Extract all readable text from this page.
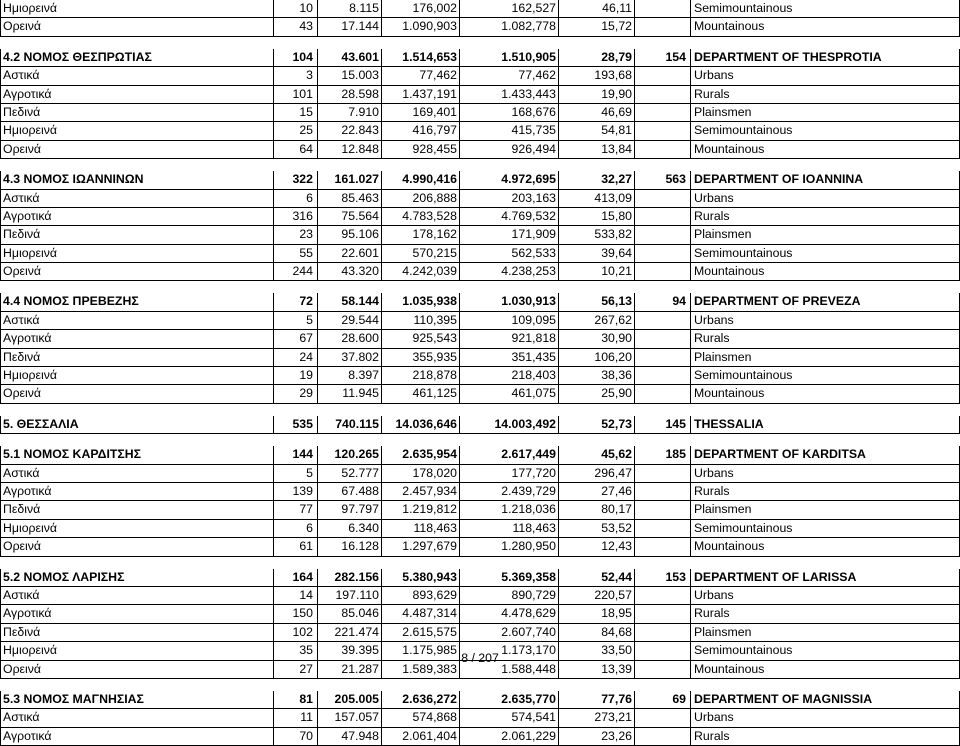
Ημιορεινά	10	8.115	176,002	162,527	46,11	Semimountainous
Ορεινά	43	17.144	1.090,903	1.082,778	15,72	Mountainous
4.2 ΝΟΜΟΣ ΘΕΣΠΡΩΤΙΑΣ	104	43.601	1.514,653	1.510,905	28,79	154 DEPARTMENT OF THESPROTIA
Αστικά	3	15.003	77,462	77,462	193,68	Urbans
Αγροτικά	101	28.598	1.437,191	1.433,443	19,90	Rurals
Πεδινά	15	7.910	169,401	168,676	46,69	Plainsmen
Ημιορεινά	25	22.843	416,797	415,735	54,81	Semimountainous
Ορεινά	64	12.848	928,455	926,494	13,84	Mountainous
4.3 ΝΟΜΟΣ ΙΩΑΝΝΙΝΩΝ	322	161.027	4.990,416	4.972,695	32,27	563 DEPARTMENT OF IOANNINA
Αστικά	6	85.463	206,888	203,163	413,09	Urbans
Αγροτικά	316	75.564	4.783,528	4.769,532	15,80	Rurals
Πεδινά	23	95.106	178,162	171,909	533,82	Plainsmen
Ημιορεινά	55	22.601	570,215	562,533	39,64	Semimountainous
Ορεινά	244	43.320	4.242,039	4.238,253	10,21	Mountainous
4.4 ΝΟΜΟΣ ΠΡΕΒΕΖΗΣ	72	58.144	1.035,938	1.030,913	56,13	94 DEPARTMENT OF PREVEZA
Αστικά	5	29.544	110,395	109,095	267,62	Urbans
Αγροτικά	67	28.600	925,543	921,818	30,90	Rurals
Πεδινά	24	37.802	355,935	351,435	106,20	Plainsmen
Ημιορεινά	19	8.397	218,878	218,403	38,36	Semimountainous
Ορεινά	29	11.945	461,125	461,075	25,90	Mountainous
5. ΘΕΣΣΑΛΙΑ	535	740.115	14.036,646	14.003,492	52,73	145 THESSALIA
5.1 ΝΟΜΟΣ ΚΑΡΔΙΤΣΗΣ	144	120.265	2.635,954	2.617,449	45,62	185 DEPARTMENT OF KARDITSA
Αστικά	5	52.777	178,020	177,720	296,47	Urbans
Αγροτικά	139	67.488	2.457,934	2.439,729	27,46	Rurals
Πεδινά	77	97.797	1.219,812	1.218,036	80,17	Plainsmen
Ημιορεινά	6	6.340	118,463	118,463	53,52	Semimountainous
Ορεινά	61	16.128	1.297,679	1.280,950	12,43	Mountainous
5.2 ΝΟΜΟΣ ΛΑΡΙΣΗΣ	164	282.156	5.380,943	5.369,358	52,44	153 DEPARTMENT OF LARISSA
Αστικά	14	197.110	893,629	890,729	220,57	Urbans
Αγροτικά	150	85.046	4.487,314	4.478,629	18,95	Rurals
Πεδινά	102	221.474	2.615,575	2.607,740	84,68	Plainsmen
Ημιορεινά	35	39.395	1.175,985	1.173,170	33,50	Semimountainous
Ορεινά	27	21.287	1.589,383	1.588,448	13,39	Mountainous
5.3 ΝΟΜΟΣ ΜΑΓΝΗΣΙΑΣ	81	205.005	2.636,272	2.635,770	77,76	69 DEPARTMENT OF MAGNISSIA
Αστικά	11	157.057	574,868	574,541	273,21	Urbans
Αγροτικά	70	47.948	2.061,404	2.061,229	23,26	Rurals
8 / 207
